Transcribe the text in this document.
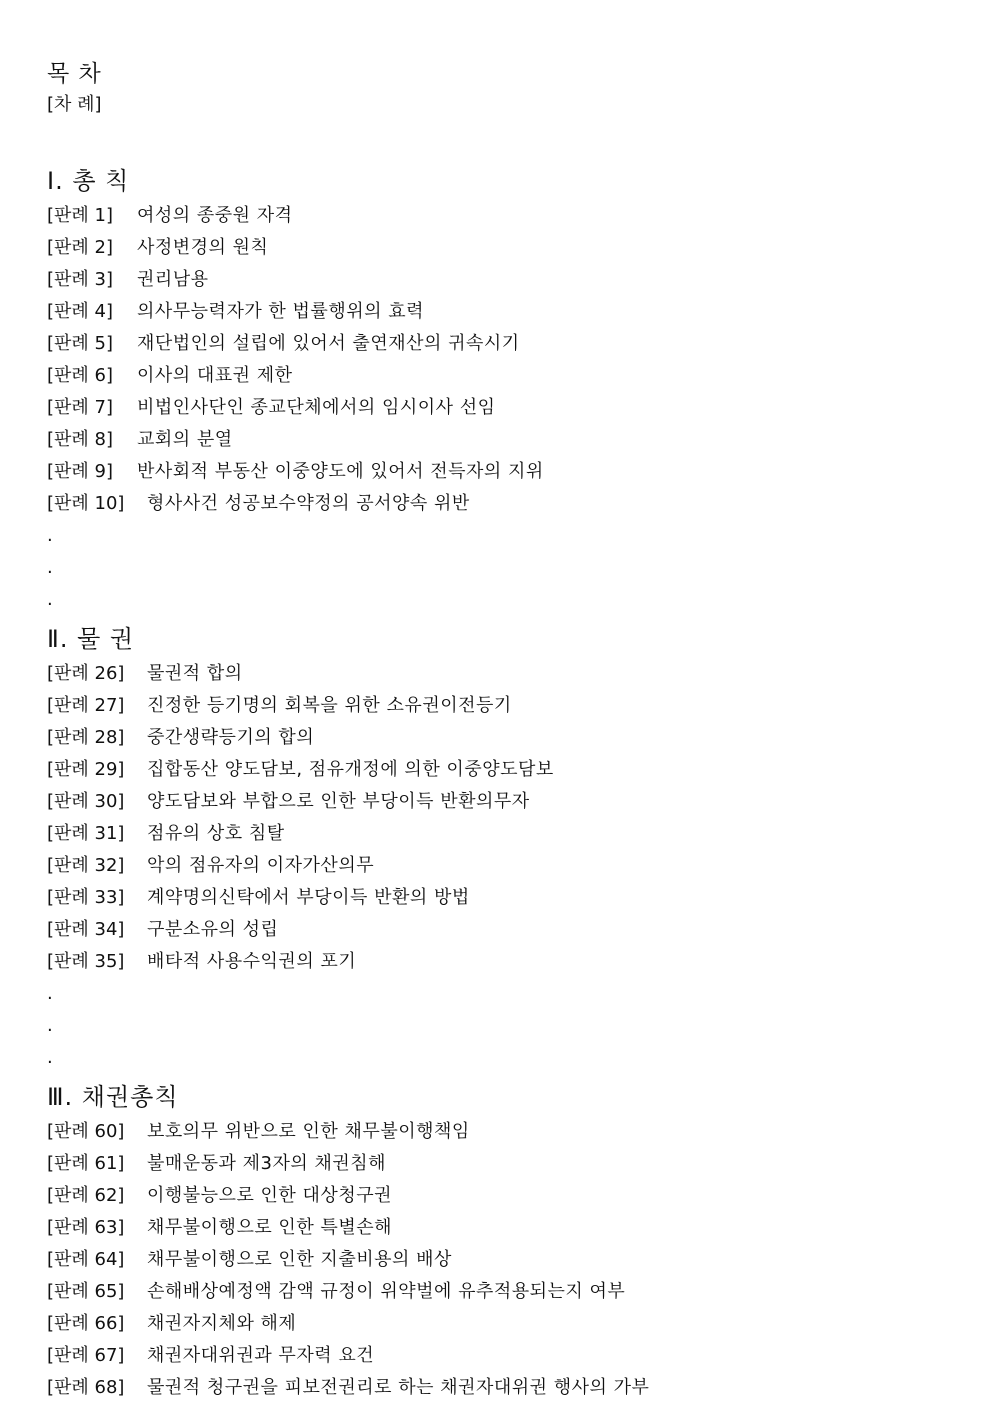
목 차
[차 례]
I. 총 칙
[판례 1]	여성의 종중원 자격
[판례 2]	사정변경의 원칙
[판례 3]	권리남용
[판례 4]	의사무능력자가 한 법률행위의 효력
[판례 5]	재단법인의 설립에 있어서 출연재산의 귀속시기
[판례 6]	이사의 대표권 제한
[판례 7]	비법인사단인 종교단체에서의 임시이사 선임
[판례 8]	교회의 분열
[판례 9]	반사회적 부동산 이중양도에 있어서 전득자의 지위
[판례 10]	형사사건 성공보수약정의 공서양속 위반
.
.
.
Ⅱ. 물 권
[판례 26]	물권적 합의
[판례 27]	진정한 등기명의 회복을 위한 소유권이전등기
[판례 28]	중간생략등기의 합의
[판례 29]	집합동산 양도담보, 점유개정에 의한 이중양도담보
[판례 30]	양도담보와 부합으로 인한 부당이득 반환의무자
[판례 31]	점유의 상호 침탈
[판례 32]	악의 점유자의 이자가산의무
[판례 33]	계약명의신탁에서 부당이득 반환의 방법
[판례 34]	구분소유의 성립
[판례 35]	배타적 사용수익권의 포기
.
.
.
Ⅲ. 채권총칙
[판례 60]	보호의무 위반으로 인한 채무불이행책임
[판례 61]	불매운동과 제3자의 채권침해
[판례 62]	이행불능으로 인한 대상청구권
[판례 63]	채무불이행으로 인한 특별손해
[판례 64]	채무불이행으로 인한 지출비용의 배상
[판례 65]	손해배상예정액 감액 규정이 위약벌에 유추적용되는지 여부
[판례 66]	채권자지체와 해제
[판례 67]	채권자대위권과 무자력 요건
[판례 68]	물권적 청구권을 피보전권리로 하는 채권자대위권 행사의 가부
